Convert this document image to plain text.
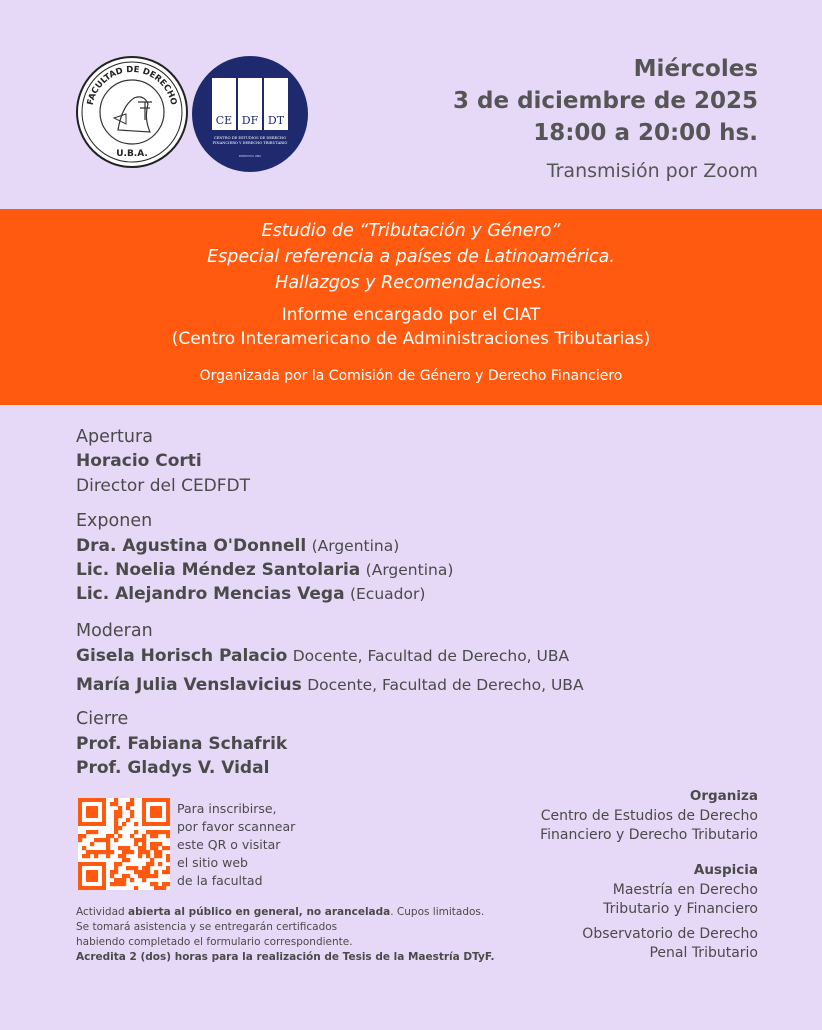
FACULTAD DE DERECHO
U.B.A.
CE DF DT
CENTRO DE ESTUDIOS DE DERECHO FINANCIERO Y DERECHO TRIBUTARIO
DERECHO UBA
Miércoles
3 de diciembre de 2025
18:00 a 20:00 hs.
Transmisión por Zoom
Estudio de “Tributación y Género”
Especial referencia a países de Latinoamérica.
Hallazgos y Recomendaciones.
Informe encargado por el CIAT
(Centro Interamericano de Administraciones Tributarias)
Organizada por la Comisión de Género y Derecho Financiero
Apertura
Horacio Corti
Director del CEDFDT
Exponen
Dra. Agustina O'Donnell (Argentina)
Lic. Noelia Méndez Santolaria (Argentina)
Lic. Alejandro Mencias Vega (Ecuador)
Moderan
Gisela Horisch Palacio Docente, Facultad de Derecho, UBA
María Julia Venslavicius Docente, Facultad de Derecho, UBA
Cierre
Prof. Fabiana Schafrik
Prof. Gladys V. Vidal
Para inscribirse,
por favor scannear
este QR o visitar
el sitio web
de la facultad
Actividad abierta al público en general, no arancelada. Cupos limitados.
Se tomará asistencia y se entregarán certificados
habiendo completado el formulario correspondiente.
Acredita 2 (dos) horas para la realización de Tesis de la Maestría DTyF.
Organiza
Centro de Estudios de Derecho
Financiero y Derecho Tributario
Auspicia
Maestría en Derecho
Tributario y Financiero
Observatorio de Derecho
Penal Tributario
